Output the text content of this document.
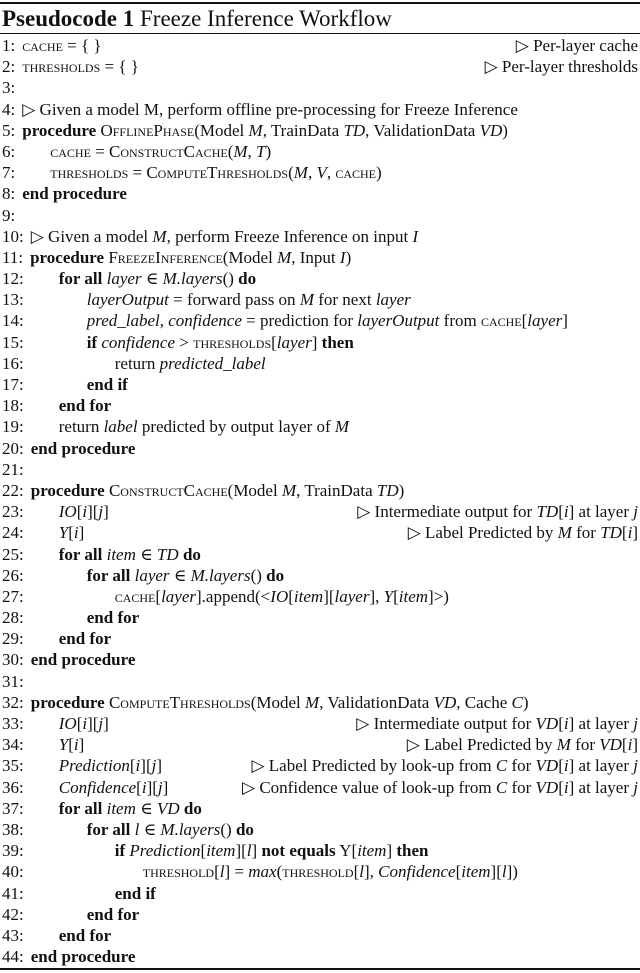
Pseudocode 1 Freeze Inference Workflow
1: cache = { }	▷ Per-layer cache
2: thresholds = { }	▷ Per-layer thresholds
3:
4: ▷ Given a model M, perform offline pre-processing for Freeze Inference
5: procedure OfflinePhase(Model M, TrainData TD, ValidationData VD)
6:	cache = ConstructCache(M, T)
7:	thresholds = ComputeThresholds(M, V, cache)
8: end procedure
9:
10: ▷ Given a model M, perform Freeze Inference on input I
11: procedure FreezeInference(Model M, Input I)
12:	for all layer ∈ M.layers() do
13:	layerOutput = forward pass on M for next layer
14:	pred_label, confidence = prediction for layerOutput from cache[layer]
15:	if confidence > thresholds[layer] then
16:	return predicted_label
17:	end if
18:	end for
19:	return label predicted by output layer of M
20: end procedure
21:
22: procedure ConstructCache(Model M, TrainData TD)
23:	IO[i][j]	▷ Intermediate output for TD[i] at layer j
24:	Y[i]	▷ Label Predicted by M for TD[i]
25:	for all item ∈ TD do
26:	for all layer ∈ M.layers() do
27:	cache[layer].append(<IO[item][layer], Y[item]>)
28:	end for
29:	end for
30: end procedure
31:
32: procedure ComputeThresholds(Model M, ValidationData VD, Cache C)
33:	IO[i][j]	▷ Intermediate output for VD[i] at layer j
34:	Y[i]	▷ Label Predicted by M for VD[i]
35:	Prediction[i][j]	▷ Label Predicted by look-up from C for VD[i] at layer j
36:	Confidence[i][j]	▷ Confidence value of look-up from C for VD[i] at layer j
37:	for all item ∈ VD do
38:	for all l ∈ M.layers() do
39:	if Prediction[item][l] not equals Y[item] then
40:	threshold[l] = max(threshold[l], Confidence[item][l])
41:	end if
42:	end for
43:	end for
44: end procedure
